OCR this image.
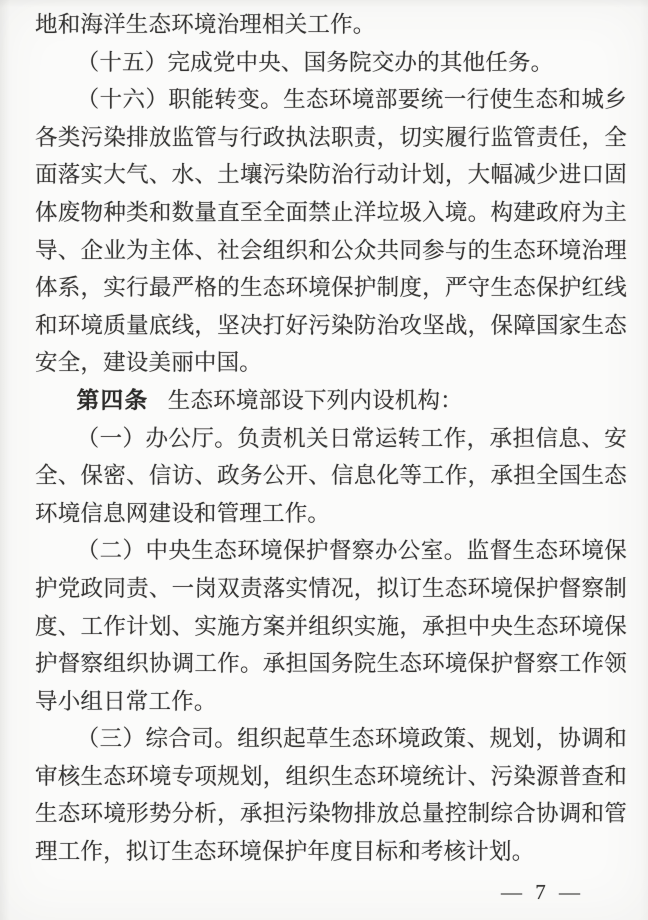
地和海洋生态环境治理相关工作。

（十五）完成党中央、国务院交办的其他任务。

（十六）职能转变。生态环境部要统一行使生态和城乡各类污染排放监管与行政执法职责，切实履行监管责任，全面落实大气、水、土壤污染防治行动计划，大幅减少进口固体废物种类和数量直至全面禁止洋垃圾入境。构建政府为主导、企业为主体、社会组织和公众共同参与的生态环境治理体系，实行最严格的生态环境保护制度，严守生态保护红线和环境质量底线，坚决打好污染防治攻坚战，保障国家生态安全，建设美丽中国。

第四条 生态环境部设下列内设机构：

（一）办公厅。负责机关日常运转工作，承担信息、安全、保密、信访、政务公开、信息化等工作，承担全国生态环境信息网建设和管理工作。

（二）中央生态环境保护督察办公室。监督生态环境保护党政同责、一岗双责落实情况，拟订生态环境保护督察制度、工作计划、实施方案并组织实施，承担中央生态环境保护督察组织协调工作。承担国务院生态环境保护督察工作领导小组日常工作。

（三）综合司。组织起草生态环境政策、规划，协调和审核生态环境专项规划，组织生态环境统计、污染源普查和生态环境形势分析，承担污染物排放总量控制综合协调和管理工作，拟订生态环境保护年度目标和考核计划。

— 7 —
